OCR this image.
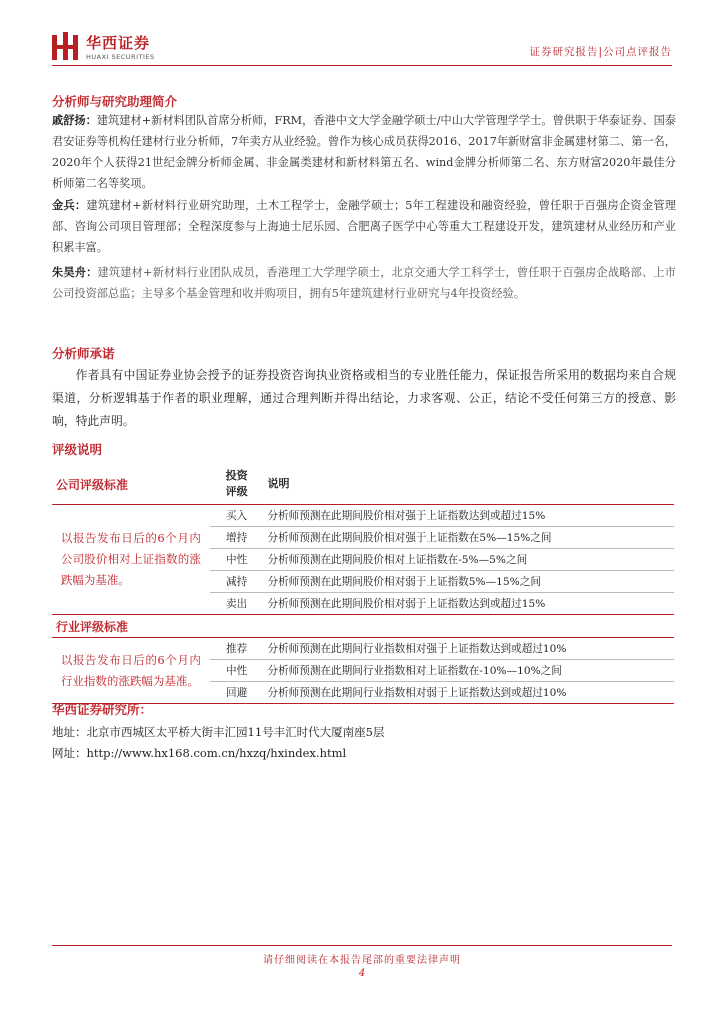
华西证券
HUAXI SECURITIES	证券研究报告|公司点评报告
分析师与研究助理简介
戚舒扬：建筑建材+新材料团队首席分析师，FRM，香港中文大学金融学硕士/中山大学管理学学士。曾供职于华泰证券、国泰君安证券等机构任建材行业分析师，7年卖方从业经验。曾作为核心成员获得2016、2017年新财富非金属建材第二、第一名，2020年个人获得21世纪金牌分析师金属、非金属类建材和新材料第五名、wind金牌分析师第二名、东方财富2020年最佳分析师第二名等奖项。
金兵：建筑建材+新材料行业研究助理，土木工程学士，金融学硕士；5年工程建设和融资经验，曾任职于百强房企资金管理部、咨询公司项目管理部；全程深度参与上海迪士尼乐园、合肥离子医学中心等重大工程建设开发，建筑建材从业经历和产业积累丰富。
朱昊舟：建筑建材+新材料行业团队成员，香港理工大学理学硕士，北京交通大学工科学士，曾任职于百强房企战略部、上市公司投资部总监；主导多个基金管理和收并购项目，拥有5年建筑建材行业研究与4年投资经验。
分析师承诺
作者具有中国证券业协会授予的证券投资咨询执业资格或相当的专业胜任能力，保证报告所采用的数据均来自合规渠道，分析逻辑基于作者的职业理解，通过合理判断并得出结论，力求客观、公正，结论不受任何第三方的授意、影响，特此声明。
评级说明
公司评级标准	投资评级	说明

以报告发布日后的6个月内公司股价相对上证指数的涨跌幅为基准。	买入	分析师预测在此期间股价相对强于上证指数达到或超过15%
	增持	分析师预测在此期间股价相对强于上证指数在5%—15%之间
	中性	分析师预测在此期间股价相对上证指数在-5%—5%之间
	减持	分析师预测在此期间股价相对弱于上证指数5%—15%之间
	卖出	分析师预测在此期间股价相对弱于上证指数达到或超过15%
行业评级标准		

以报告发布日后的6个月内行业指数的涨跌幅为基准。	推荐	分析师预测在此期间行业指数相对强于上证指数达到或超过10%
	中性	分析师预测在此期间行业指数相对上证指数在-10%—10%之间
	回避	分析师预测在此期间行业指数相对弱于上证指数达到或超过10%
华西证券研究所：
地址：北京市西城区太平桥大街丰汇园11号丰汇时代大厦南座5层
网址：http://www.hx168.com.cn/hxzq/hxindex.html
请仔细阅读在本报告尾部的重要法律声明
4
